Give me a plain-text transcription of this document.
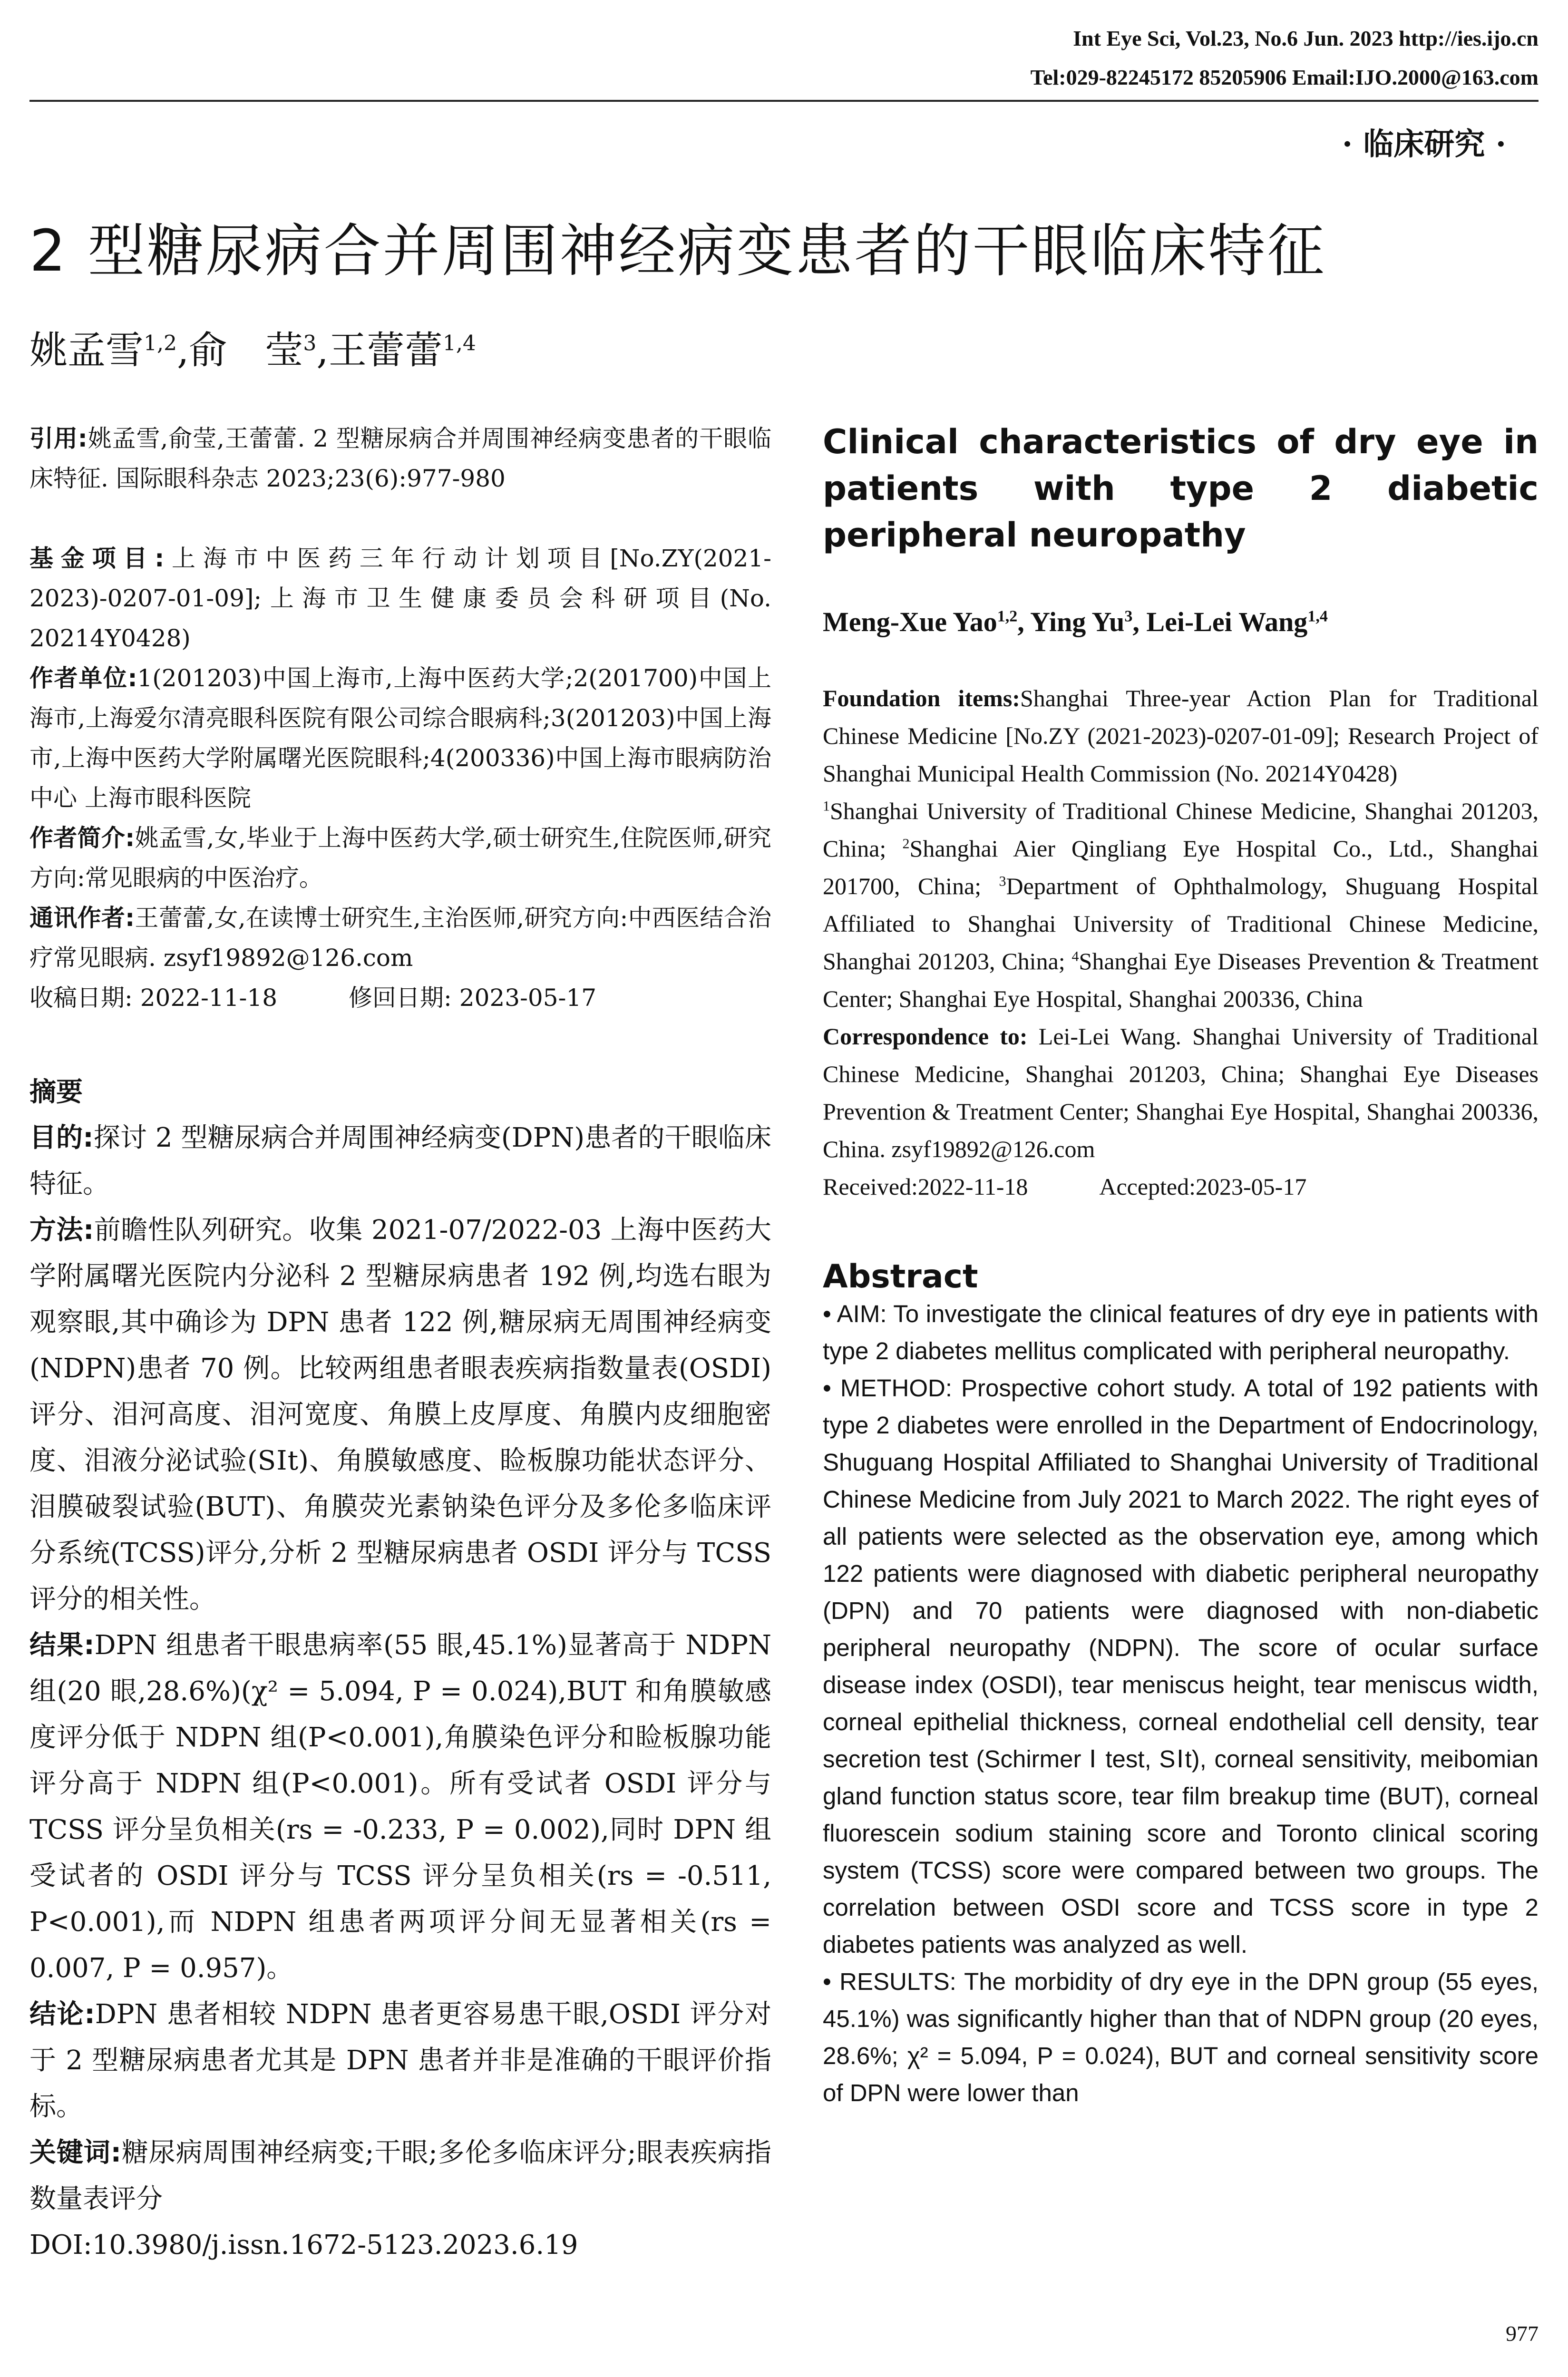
Int Eye Sci, Vol.23, No.6 Jun. 2023 http://ies.ijo.cn
Tel:029-82245172 85205906 Email:IJO.2000@163.com
· 临床研究 ·
2 型糖尿病合并周围神经病变患者的干眼临床特征
姚孟雪$^{1,2}$,俞　莹$^3$,王蕾蕾$^{1,4}$

引用:姚孟雪,俞莹,王蕾蕾. 2 型糖尿病合并周围神经病变患者的干眼临床特征. 国际眼科杂志 2023;23(6):977-980

基金项目:上海市中医药三年行动计划项目[No.ZY(2021-2023)-0207-01-09];上海市卫生健康委员会科研项目(No. 20214Y0428)

作者单位:1(201203)中国上海市,上海中医药大学;2(201700)中国上海市,上海爱尔清亮眼科医院有限公司综合眼病科;3(201203)中国上海市,上海中医药大学附属曙光医院眼科;4(200336)中国上海市眼病防治中心 上海市眼科医院

作者简介:姚孟雪,女,毕业于上海中医药大学,硕士研究生,住院医师,研究方向:常见眼病的中医治疗。

通讯作者:王蕾蕾,女,在读博士研究生,主治医师,研究方向:中西医结合治疗常见眼病. zsyf19892@126.com

收稿日期: 2022-11-18	修回日期: 2023-05-17

摘要

目的:探讨 2 型糖尿病合并周围神经病变(DPN)患者的干眼临床特征。

方法:前瞻性队列研究。收集 2021-07/2022-03 上海中医药大学附属曙光医院内分泌科 2 型糖尿病患者 192 例,均选右眼为观察眼,其中确诊为 DPN 患者 122 例,糖尿病无周围神经病变(NDPN)患者 70 例。比较两组患者眼表疾病指数量表(OSDI)评分、泪河高度、泪河宽度、角膜上皮厚度、角膜内皮细胞密度、泪液分泌试验(SⅠt)、角膜敏感度、睑板腺功能状态评分、泪膜破裂试验(BUT)、角膜荧光素钠染色评分及多伦多临床评分系统(TCSS)评分,分析 2 型糖尿病患者 OSDI 评分与 TCSS 评分的相关性。

结果:DPN 组患者干眼患病率(55 眼,45.1%)显著高于 NDPN 组(20 眼,28.6%)(χ² = 5.094, P = 0.024),BUT 和角膜敏感度评分低于 NDPN 组(P<0.001),角膜染色评分和睑板腺功能评分高于 NDPN 组(P<0.001)。所有受试者 OSDI 评分与 TCSS 评分呈负相关(rs = -0.233, P = 0.002),同时 DPN 组受试者的 OSDI 评分与 TCSS 评分呈负相关(rs = -0.511, P<0.001),而 NDPN 组患者两项评分间无显著相关(rs = 0.007, P = 0.957)。

结论:DPN 患者相较 NDPN 患者更容易患干眼,OSDI 评分对于 2 型糖尿病患者尤其是 DPN 患者并非是准确的干眼评价指标。

关键词:糖尿病周围神经病变;干眼;多伦多临床评分;眼表疾病指数量表评分

DOI:10.3980/j.issn.1672-5123.2023.6.19

Clinical characteristics of dry eye in patients with type 2 diabetic peripheral neuropathy

Meng-Xue Yao$^{1,2}$, Ying Yu$^3$, Lei-Lei Wang$^{1,4}$

Foundation items:Shanghai Three-year Action Plan for Traditional Chinese Medicine [No.ZY (2021-2023)-0207-01-09]; Research Project of Shanghai Municipal Health Commission (No. 20214Y0428)

$^1$Shanghai University of Traditional Chinese Medicine, Shanghai 201203, China; $^2$Shanghai Aier Qingliang Eye Hospital Co., Ltd., Shanghai 201700, China; $^3$Department of Ophthalmology, Shuguang Hospital Affiliated to Shanghai University of Traditional Chinese Medicine, Shanghai 201203, China; $^4$Shanghai Eye Diseases Prevention & Treatment Center; Shanghai Eye Hospital, Shanghai 200336, China

Correspondence to: Lei-Lei Wang. Shanghai University of Traditional Chinese Medicine, Shanghai 201203, China; Shanghai Eye Diseases Prevention & Treatment Center; Shanghai Eye Hospital, Shanghai 200336, China. zsyf19892@126.com

Received:2022-11-18	Accepted:2023-05-17

Abstract

• AIM: To investigate the clinical features of dry eye in patients with type 2 diabetes mellitus complicated with peripheral neuropathy.

• METHOD: Prospective cohort study. A total of 192 patients with type 2 diabetes were enrolled in the Department of Endocrinology, Shuguang Hospital Affiliated to Shanghai University of Traditional Chinese Medicine from July 2021 to March 2022. The right eyes of all patients were selected as the observation eye, among which 122 patients were diagnosed with diabetic peripheral neuropathy (DPN) and 70 patients were diagnosed with non-diabetic peripheral neuropathy (NDPN). The score of ocular surface disease index (OSDI), tear meniscus height, tear meniscus width, corneal epithelial thickness, corneal endothelial cell density, tear secretion test (Schirmer Ⅰ test, SⅠt), corneal sensitivity, meibomian gland function status score, tear film breakup time (BUT), corneal fluorescein sodium staining score and Toronto clinical scoring system (TCSS) score were compared between two groups. The correlation between OSDI score and TCSS score in type 2 diabetes patients was analyzed as well.

• RESULTS: The morbidity of dry eye in the DPN group (55 eyes, 45.1%) was significantly higher than that of NDPN group (20 eyes, 28.6%; χ² = 5.094, P = 0.024), BUT and corneal sensitivity score of DPN were lower than

977
